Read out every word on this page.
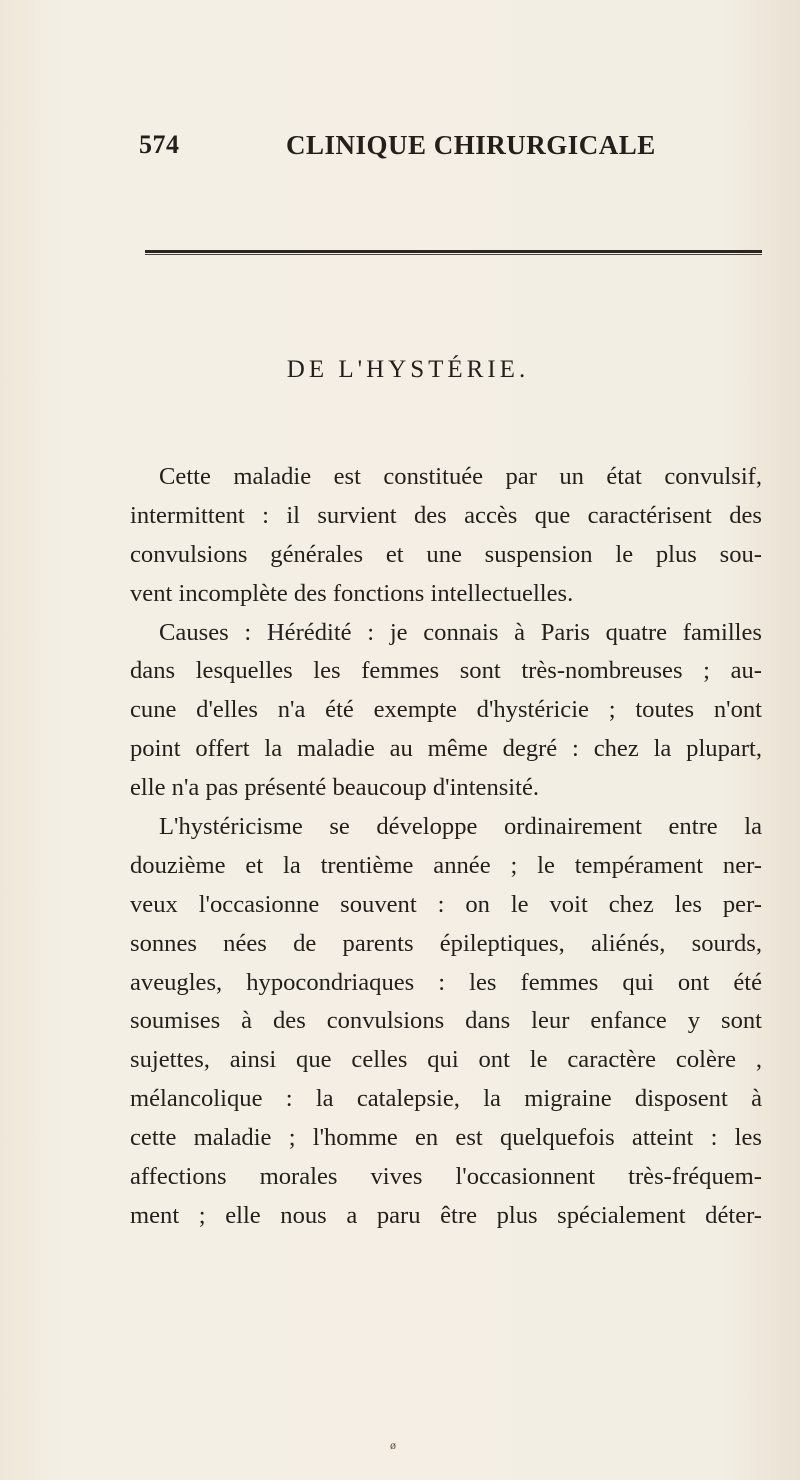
574	CLINIQUE CHIRURGICALE
DE L'HYSTÉRIE.
Cette maladie est constituée par un état convulsif,
intermittent : il survient des accès que caractérisent des
convulsions générales et une suspension le plus sou-
vent incomplète des fonctions intellectuelles.
Causes : Hérédité : je connais à Paris quatre familles
dans lesquelles les femmes sont très-nombreuses ; au-
cune d'elles n'a été exempte d'hystéricie ; toutes n'ont
point offert la maladie au même degré : chez la plupart,
elle n'a pas présenté beaucoup d'intensité.
L'hystéricisme se développe ordinairement entre la
douzième et la trentième année ; le tempérament ner-
veux l'occasionne souvent : on le voit chez les per-
sonnes nées de parents épileptiques, aliénés, sourds,
aveugles, hypocondriaques : les femmes qui ont été
soumises à des convulsions dans leur enfance y sont
sujettes, ainsi que celles qui ont le caractère colère ,
mélancolique : la catalepsie, la migraine disposent à
cette maladie ; l'homme en est quelquefois atteint : les
affections morales vives l'occasionnent très-fréquem-
ment ; elle nous a paru être plus spécialement déter-
ø
